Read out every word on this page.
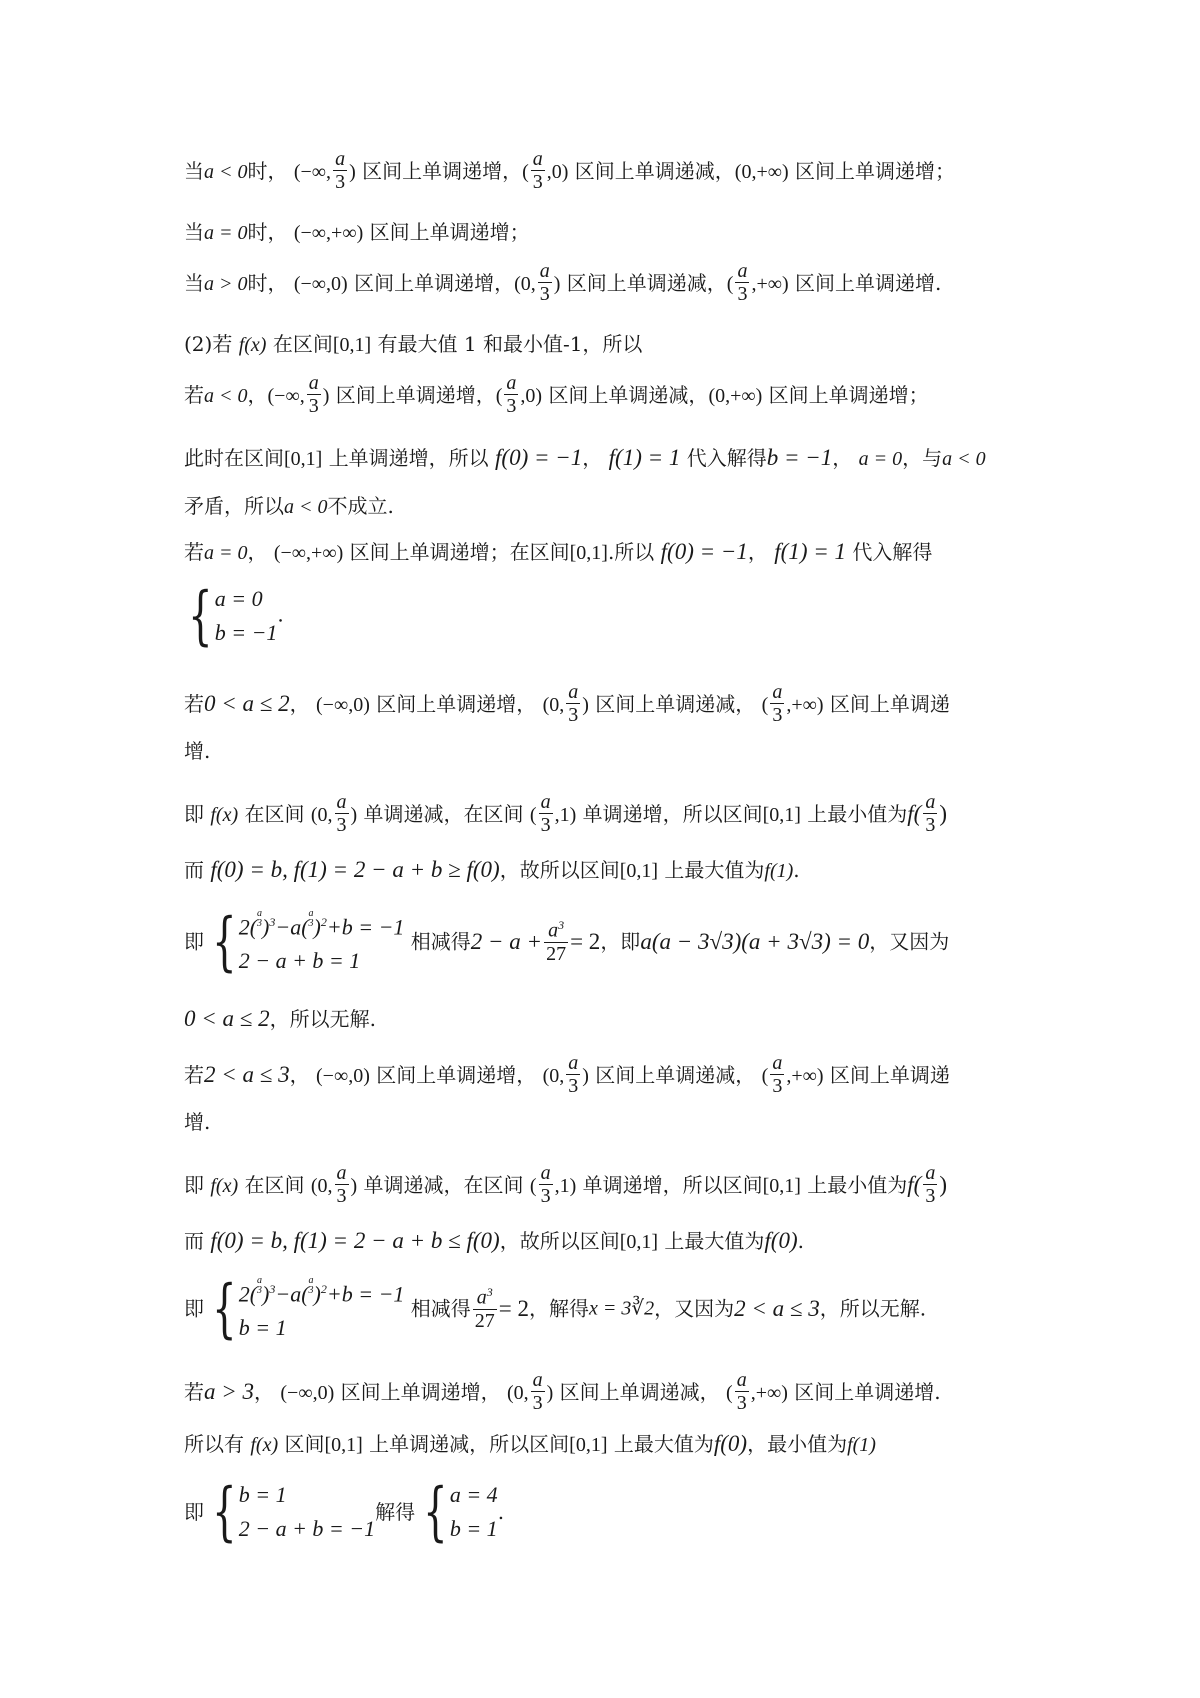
当a < 0时， (−∞, $\frac{a}{3}$ ) 区间上单调递增，( $\frac{a}{3} ,0$) 区间上单调递减，(0,+∞) 区间上单调递增；
当a = 0时， (−∞,+∞) 区间上单调递增；
当a > 0时， (−∞,0) 区间上单调递增，(0, $\frac{a}{3}$ ) 区间上单调递减，( $\frac{a}{3}$ ,+∞) 区间上单调递增.
(2)若 f(x) 在区间[0,1] 有最大值 1 和最小值-1，所以
若a < 0，(−∞, $\frac{a}{3}$ ) 区间上单调递增，( $\frac{a}{3} ,0$) 区间上单调递减，(0,+∞) 区间上单调递增；
此时在区间[0,1] 上单调递增，所以 f(0) = −1， f(1) = 1 代入解得b = −1， a = 0，与a < 0
矛盾，所以a < 0不成立.
若a = 0， (−∞,+∞) 区间上单调递增；在区间[0,1].所以 f(0) = −1， f(1) = 1 代入解得
{ a = 0
b = −1
.
若0 < a ≤ 2， (−∞,0) 区间上单调递增， (0, $\frac{a}{3}$ ) 区间上单调递减， ( $\frac{a}{3}$ ,+∞) 区间上单调递
增.
即 f(x) 在区间 (0, $\frac{a}{3}$ ) 单调递减，在区间 ( $\frac{a}{3} ,1$) 单调递增，所以区间[0,1] 上最小值为$f( \frac{a}{3}$ )
而 f(0) = b, f(1) = 2 − a + b ≥ f(0)，故所以区间[0,1] 上最大值为f(1).
即 { 2(
a
3 )$^3$−a(
a
3 )$^2$+b = −1
2 − a + b = 1
相减得$2 - a + \frac{a^3}{27} = 2$，即a(a − 3√3)(a + 3√3) = 0，又因为
0 < a ≤ 2，所以无解.
若2 < a ≤ 3， (−∞,0) 区间上单调递增， (0, $\frac{a}{3}$ ) 区间上单调递减， ( $\frac{a}{3}$ ,+∞) 区间上单调递
增.
即 f(x) 在区间 (0, $\frac{a}{3}$ ) 单调递减，在区间 ( $\frac{a}{3} ,1$) 单调递增，所以区间[0,1] 上最小值为$f( \frac{a}{3}$ )
而 f(0) = b, f(1) = 2 − a + b ≤ f(0)，故所以区间[0,1] 上最大值为f(0).
即 { 2(
a
3 )$^3$−a(
a
3 )$^2$+b = −1
b = 1
相减得 $\frac{a^3}{27} = 2$，解得x = 3∛2，又因为2 < a ≤ 3，所以无解.
若a > 3， (−∞,0) 区间上单调递增， (0, $\frac{a}{3}$ ) 区间上单调递减， ( $\frac{a}{3}$ ,+∞) 区间上单调递增.
所以有 f(x) 区间[0,1] 上单调递减，所以区间[0,1] 上最大值为f(0)，最小值为f(1)
即 { b = 1
2 − a + b = −1
解得 { a = 4
b = 1
.
